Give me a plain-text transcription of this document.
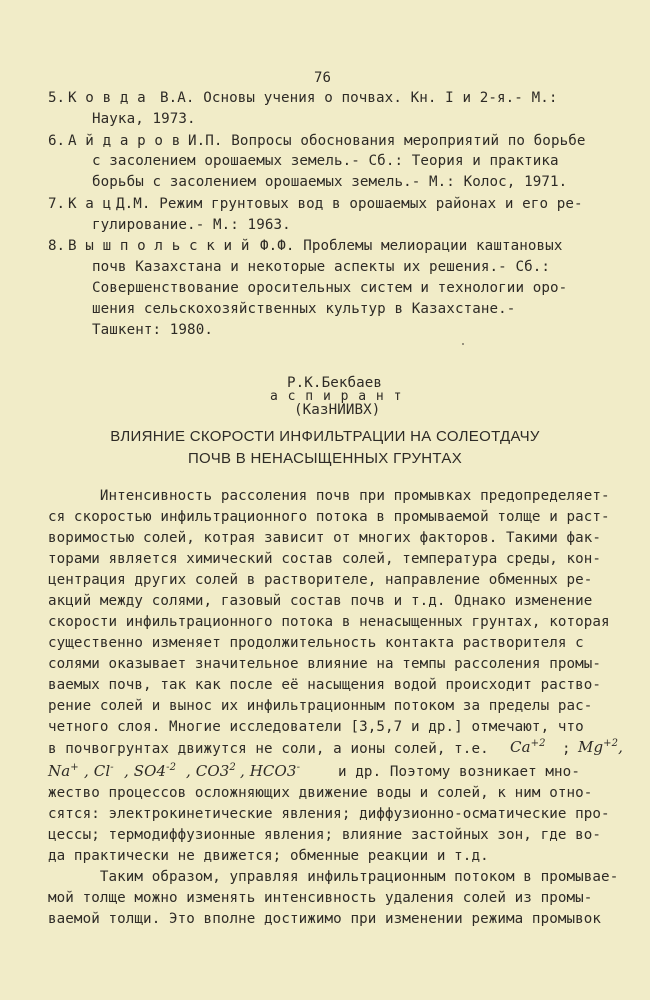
76
5. К о в д а В.А. Основы учения о почвах. Кн. I и 2-я.- М.:
Наука, 1973.
6. А й д а р о в И.П. Вопросы обоснования мероприятий по борьбе
с засолением орошаемых земель.- Сб.: Теория и практика
борьбы с засолением орошаемых земель.- М.: Колос, 1971.
7. К а ц Д.М. Режим грунтовых вод в орошаемых районах и его ре-
гулирование.- М.: 1963.
8. В ы ш п о л ь с к и й Ф.Ф. Проблемы мелиорации каштановых
почв Казахстана и некоторые аспекты их решения.- Сб.:
Совершенствование оросительных систем и технологии оро-
шения сельскохозяйственных культур в Казахстане.-
Ташкент: 1980.
Р.К.Бекбаев
а с п и р а н т
(КазНИИВХ)
ВЛИЯНИЕ СКОРОСТИ ИНФИЛЬТРАЦИИ НА СОЛЕОТДАЧУ
ПОЧВ В НЕНАСЫЩЕННЫХ ГРУНТАХ
Интенсивность рассоления почв при промывках предопределяет-
ся скоростью инфильтрационного потока в промываемой толще и раст-
воримостью солей, котрая зависит от многих факторов. Такими фак-
торами является химический состав солей, температура среды, кон-
центрация других солей в растворителе, направление обменных ре-
акций между солями, газовый состав почв и т.д. Однако изменение
скорости инфильтрационного потока в ненасыщенных грунтах, которая
существенно изменяет продолжительность контакта растворителя с
солями оказывает значительное влияние на темпы рассоления промы-
ваемых почв, так как после её насыщения водой происходит раство-
рение солей и вынос их инфильтрационным потоком за пределы рас-
четного слоя. Многие исследователи [3,5,7 и др.] отмечают, что
в почвогрунтах движутся не соли, а ионы солей, т.е. $Ca^{+2}$ ; $Mg^{+2}$,
Na+ , Cl- , $SO4^{-2}$ , $CO3^2$ , HCO3-	и др. Поэтому возникает мно-
жество процессов осложняющих движение воды и солей, к ним отно-
сятся: электрокинетические явления; диффузионно-осматические про-
цессы; термодиффузионные явления; влияние застойных зон, где во-
да практически не движется; обменные реакции и т.д.
Таким образом, управляя инфильтрационным потоком в промывае-
мой толще можно изменять интенсивность удаления солей из промы-
ваемой толщи. Это вполне достижимо при изменении режима промывок
